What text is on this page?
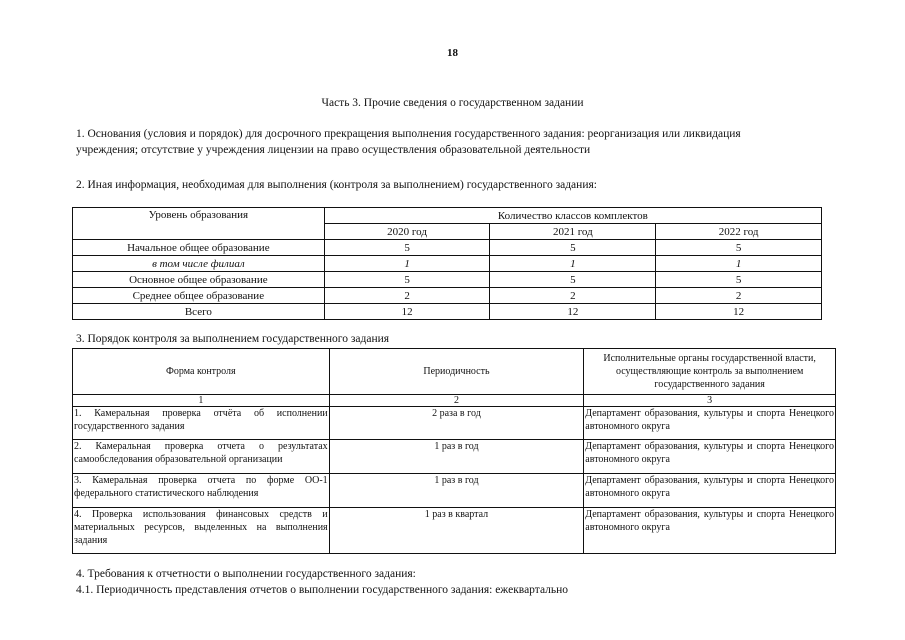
18
Часть 3. Прочие сведения о государственном задании
1. Основания (условия и порядок) для досрочного прекращения выполнения государственного задания: реорганизация или ликвидация
учреждения; отсутствие у учреждения лицензии на право осуществления образовательной деятельности
2. Иная информация, необходимая для выполнения (контроля за выполнением) государственного задания:
Уровень образования	Количество классов комплектов		
	2020 год	2021 год	2022 год
Начальное общее образование	5	5	5
в том числе филиал	1	1	1
Основное общее образование	5	5	5
Среднее общее образование	2	2	2
Всего	12	12	12
3. Порядок контроля за выполнением государственного задания
Форма контроля	Периодичность	Исполнительные органы государственной власти, осуществляющие контроль за выполнением государственного задания
1	2	3
1. Камеральная проверка отчёта об исполнении государственного задания	2 раза в год	Департамент образования, культуры и спорта Ненецкого автономного округа
2. Камеральная проверка отчета о результатах самообследования образовательной организации	1 раз в год	Департамент образования, культуры и спорта Ненецкого автономного округа
3. Камеральная проверка отчета по форме ОО-1 федерального статистического наблюдения	1 раз в год	Департамент образования, культуры и спорта Ненецкого автономного округа
4. Проверка использования финансовых средств и материальных ресурсов, выделенных на выполнения задания	1 раз в квартал	Департамент образования, культуры и спорта Ненецкого автономного округа
4. Требования к отчетности о выполнении государственного задания:
4.1. Периодичность представления отчетов о выполнении государственного задания: ежеквартально
